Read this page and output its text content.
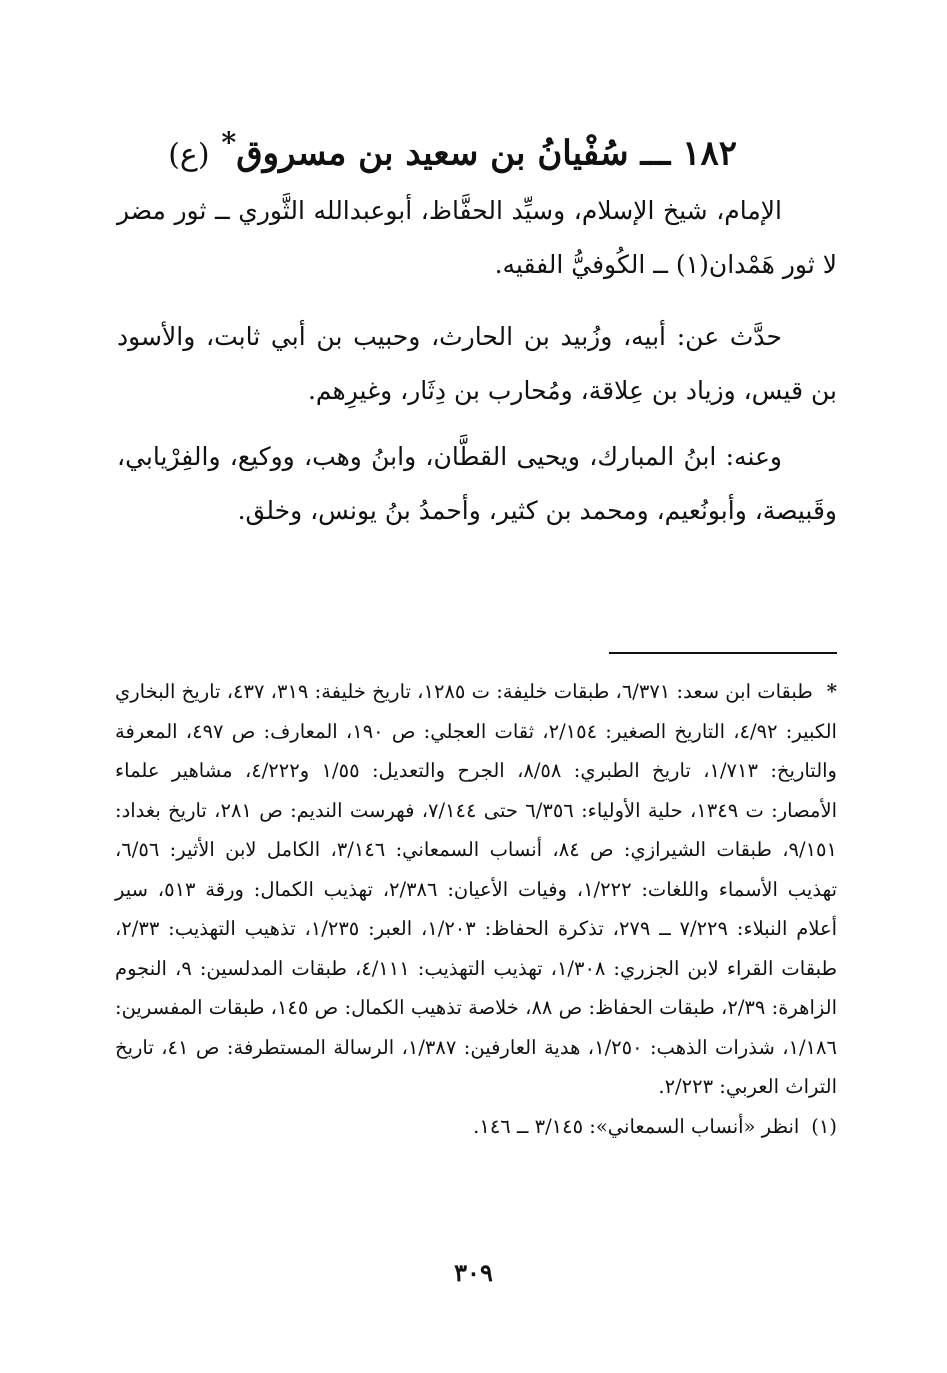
١٨٢ ـــ سُفْيانُ بن سعيد بن مسروق* (ع)

الإمام، شيخ الإسلام، وسيِّد الحفَّاظ، أبوعبدالله الثَّوري ــ ثور مضر لا ثور هَمْدان(١) ــ الكُوفيُّ الفقيه.

حدَّث عن: أبيه، وزُبيد بن الحارث، وحبيب بن أبي ثابت، والأسود بن قيس، وزياد بن عِلاقة، ومُحارب بن دِثَار، وغيرِهم.

وعنه: ابنُ المبارك، ويحيى القطَّان، وابنُ وهب، ووكيع، والفِرْيابي، وقَبيصة، وأبونُعيم، ومحمد بن كثير، وأحمدُ بنُ يونس، وخلق.

*طبقات ابن سعد: ٦/٣٧١، طبقات خليفة: ت ١٢٨٥، تاريخ خليفة: ٣١٩، ٤٣٧، تاريخ البخاري الكبير: ٤/٩٢، التاريخ الصغير: ٢/١٥٤، ثقات العجلي: ص ١٩٠، المعارف: ص ٤٩٧، المعرفة والتاريخ: ١/٧١٣، تاريخ الطبري: ٨/٥٨، الجرح والتعديل: ١/٥٥ و٤/٢٢٢، مشاهير علماء الأمصار: ت ١٣٤٩، حلية الأولياء: ٦/٣٥٦ حتى ٧/١٤٤، فهرست النديم: ص ٢٨١، تاريخ بغداد: ٩/١٥١، طبقات الشيرازي: ص ٨٤، أنساب السمعاني: ٣/١٤٦، الكامل لابن الأثير: ٦/٥٦، تهذيب الأسماء واللغات: ١/٢٢٢، وفيات الأعيان: ٢/٣٨٦، تهذيب الكمال: ورقة ٥١٣، سير أعلام النبلاء: ٧/٢٢٩ ــ ٢٧٩، تذكرة الحفاظ: ١/٢٠٣، العبر: ١/٢٣٥، تذهيب التهذيب: ٢/٣٣، طبقات القراء لابن الجزري: ١/٣٠٨، تهذيب التهذيب: ٤/١١١، طبقات المدلسين: ٩، النجوم الزاهرة: ٢/٣٩، طبقات الحفاظ: ص ٨٨، خلاصة تذهيب الكمال: ص ١٤٥، طبقات المفسرين: ١/١٨٦، شذرات الذهب: ١/٢٥٠، هدية العارفين: ١/٣٨٧، الرسالة المستطرفة: ص ٤١، تاريخ التراث العربي: ٢/٢٢٣.

(١)انظر «أنساب السمعاني»: ٣/١٤٥ ــ ١٤٦.

٣٠٩
